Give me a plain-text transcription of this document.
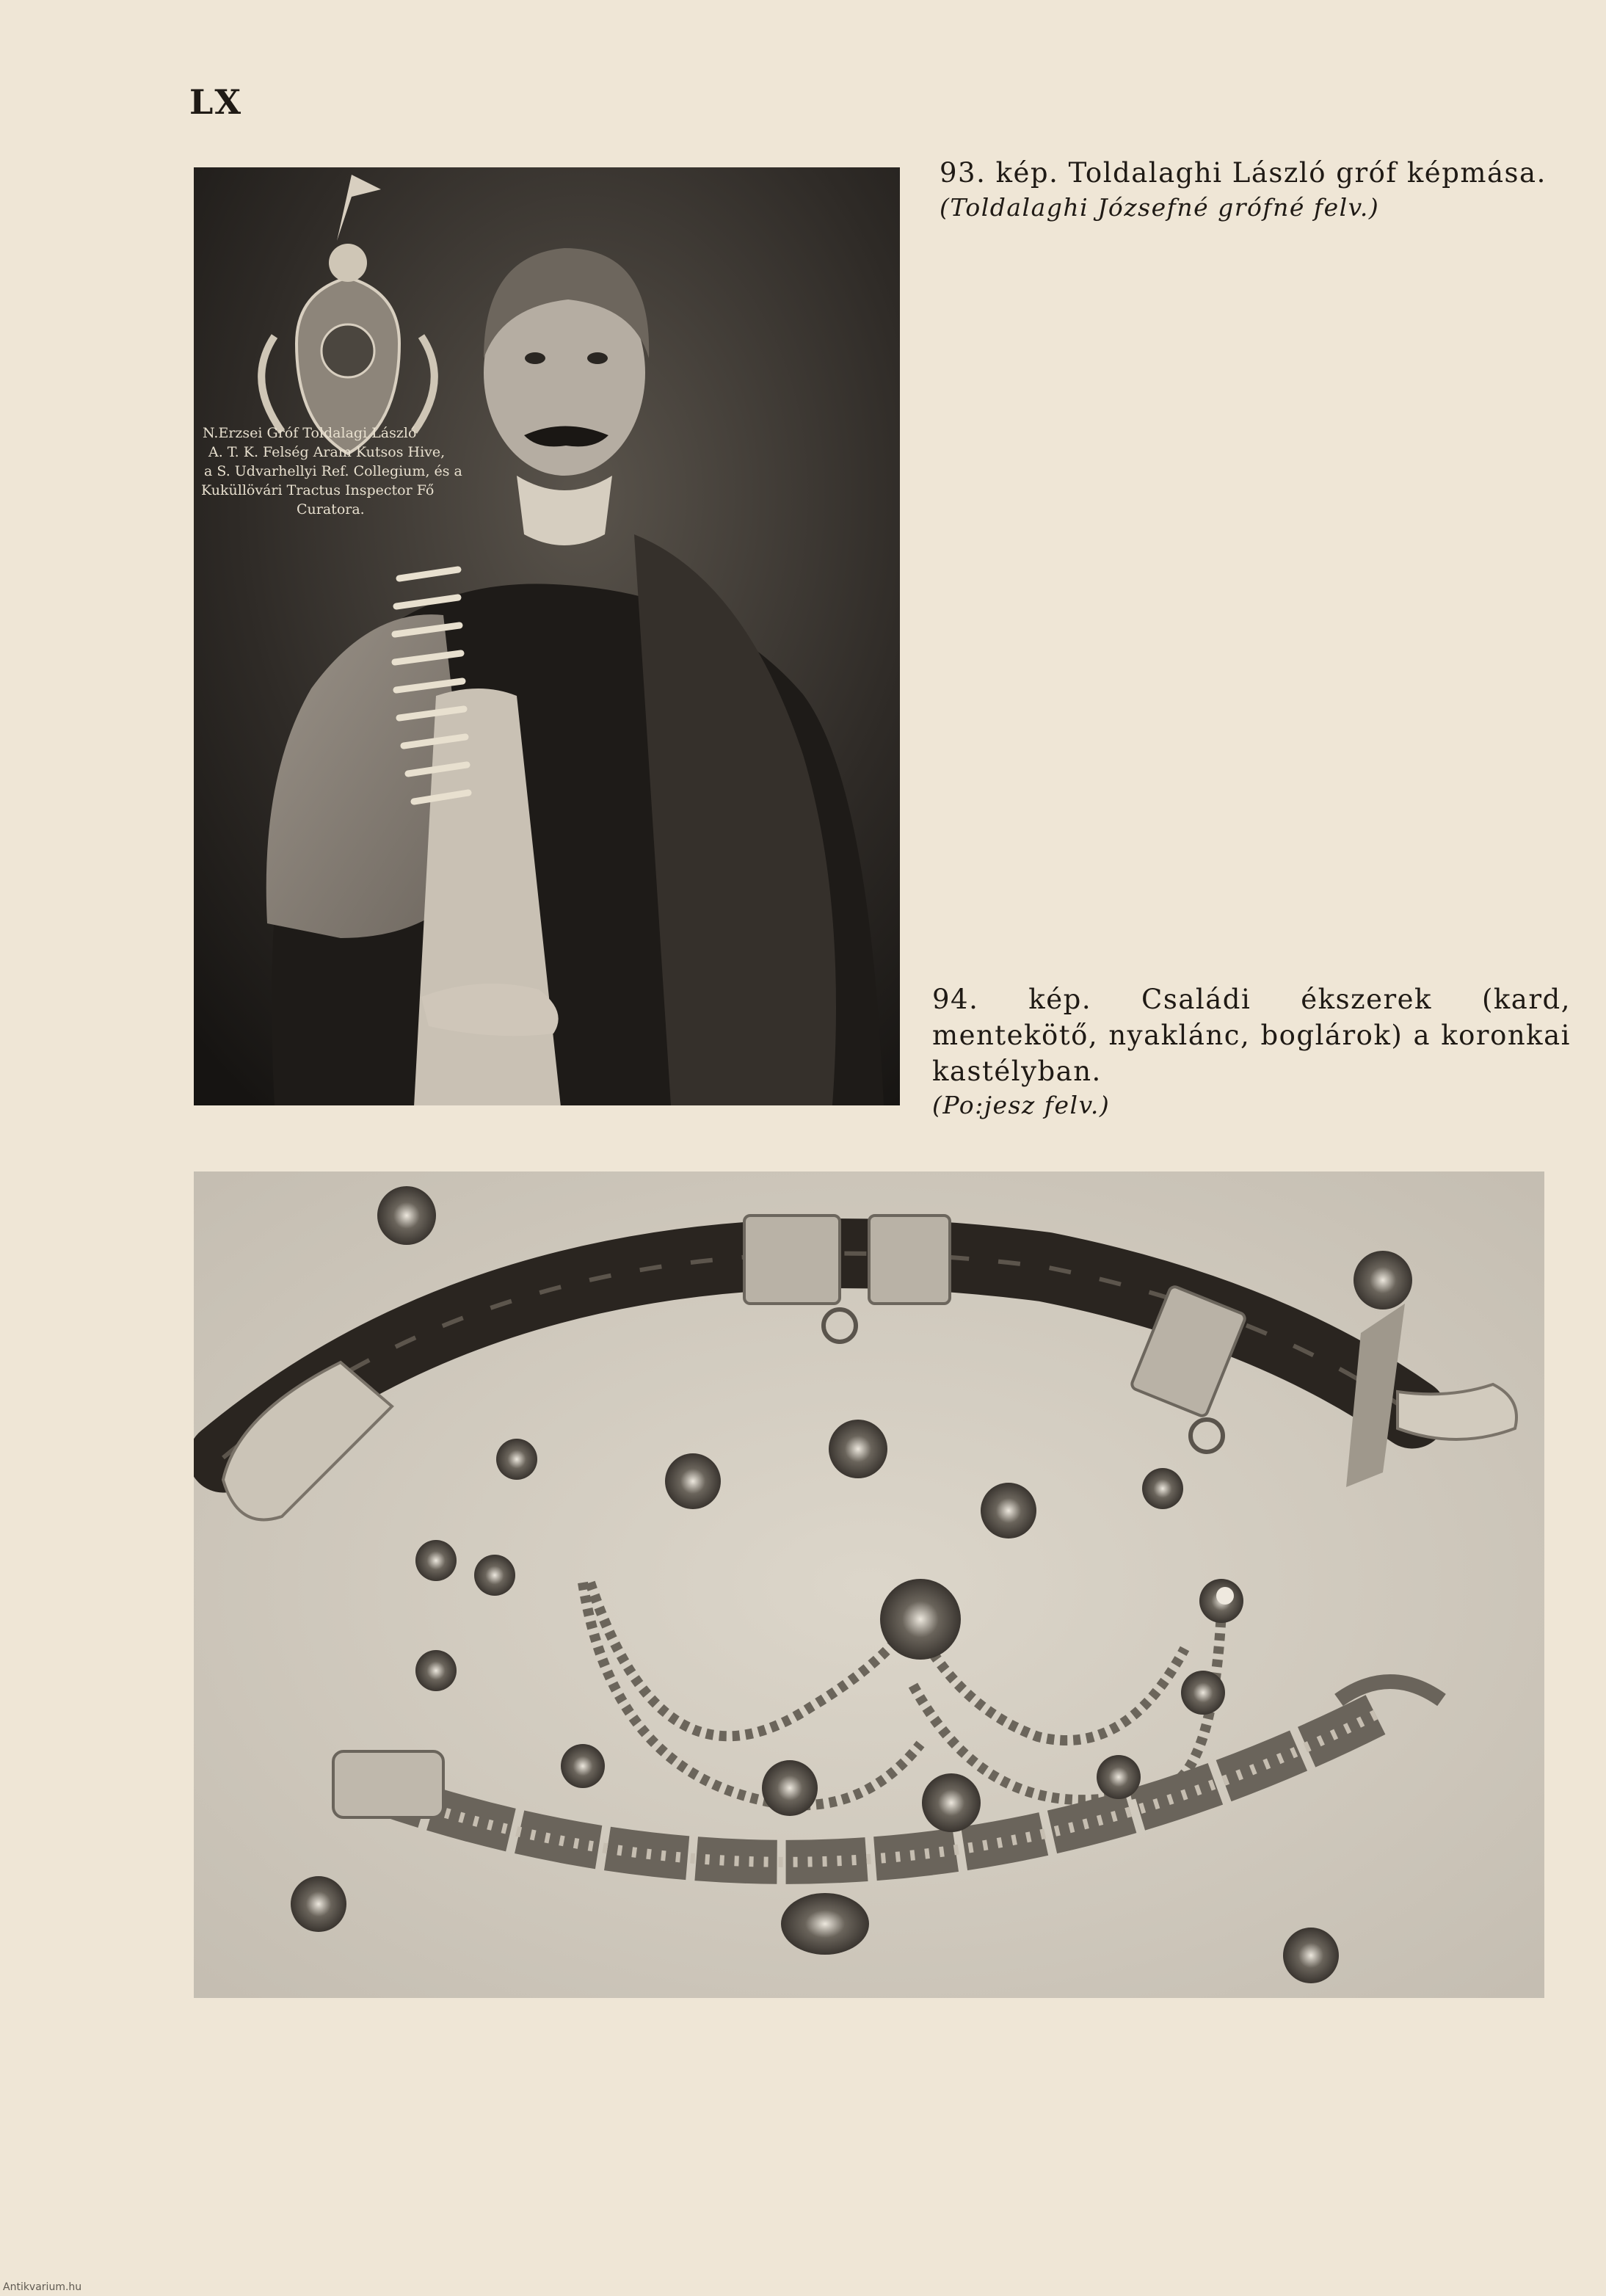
LX
N.Erzsei Gróf Toldalagi László
A. T. K. Felség Aram Kutsos Hive,
a S. Udvarhellyi Ref. Collegium, és a
Kuküllövári Tractus Inspector Fő
Curatora.
93. kép. Toldalaghi László gróf képmása.
(Toldalaghi Józsefné grófné felv.)
94. kép. Családi ékszerek (kard, mentekötő, nyaklánc, boglárok) a koronkai kastélyban.
(Po:jesz felv.)
Antikvarium.hu
